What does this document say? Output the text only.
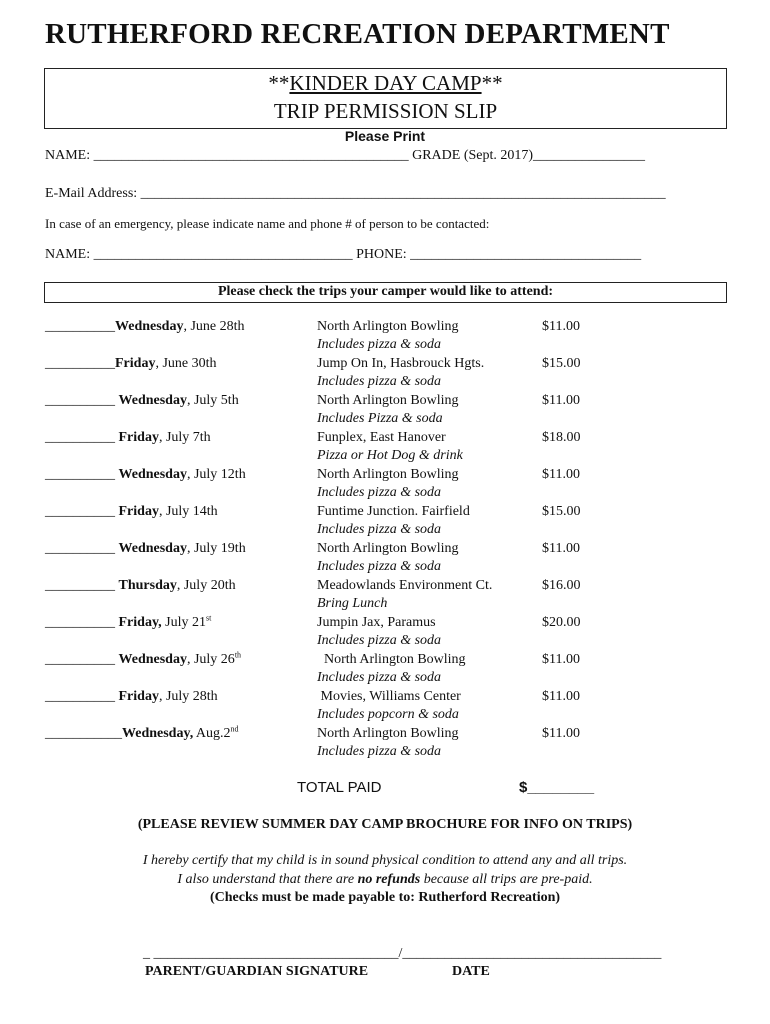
RUTHERFORD RECREATION DEPARTMENT
**KINDER DAY CAMP**
TRIP PERMISSION SLIP
Please Print
NAME: _____________________________________________ GRADE (Sept. 2017)________________
E-Mail Address: ___________________________________________________________________________
In case of an emergency, please indicate name and phone # of person to be contacted:
NAME: _____________________________________ PHONE: _________________________________
Please check the trips your camper would like to attend:
__________Wednesday, June 28th	North Arlington Bowling	$11.00
Includes pizza & soda
__________Friday, June 30th	Jump On In, Hasbrouck Hgts.	$15.00
Includes pizza & soda
__________ Wednesday, July 5th	North Arlington Bowling	$11.00
Includes Pizza & soda
__________ Friday, July 7th	Funplex, East Hanover	$18.00
Pizza or Hot Dog & drink
__________ Wednesday, July 12th	North Arlington Bowling	$11.00
Includes pizza & soda
__________ Friday, July 14th	Funtime Junction. Fairfield	$15.00
Includes pizza & soda
__________ Wednesday, July 19th	North Arlington Bowling	$11.00
Includes pizza & soda
__________ Thursday, July 20th	Meadowlands Environment Ct.	$16.00
Bring Lunch
__________ Friday, July 21st	Jumpin Jax, Paramus	$20.00
Includes pizza & soda
__________ Wednesday, July 26th	North Arlington Bowling	$11.00
Includes pizza & soda
__________ Friday, July 28th	Movies, Williams Center	$11.00
Includes popcorn & soda
___________Wednesday, Aug.2nd	North Arlington Bowling	$11.00
Includes pizza & soda
TOTAL PAID	$________
(PLEASE REVIEW SUMMER DAY CAMP BROCHURE FOR INFO ON TRIPS)
I hereby certify that my child is in sound physical condition to attend any and all trips.
I also understand that there are no refunds because all trips are pre-paid.
(Checks must be made payable to: Rutherford Recreation)
_ ___________________________________/_____________________________________
PARENT/GUARDIAN SIGNATURE	DATE
